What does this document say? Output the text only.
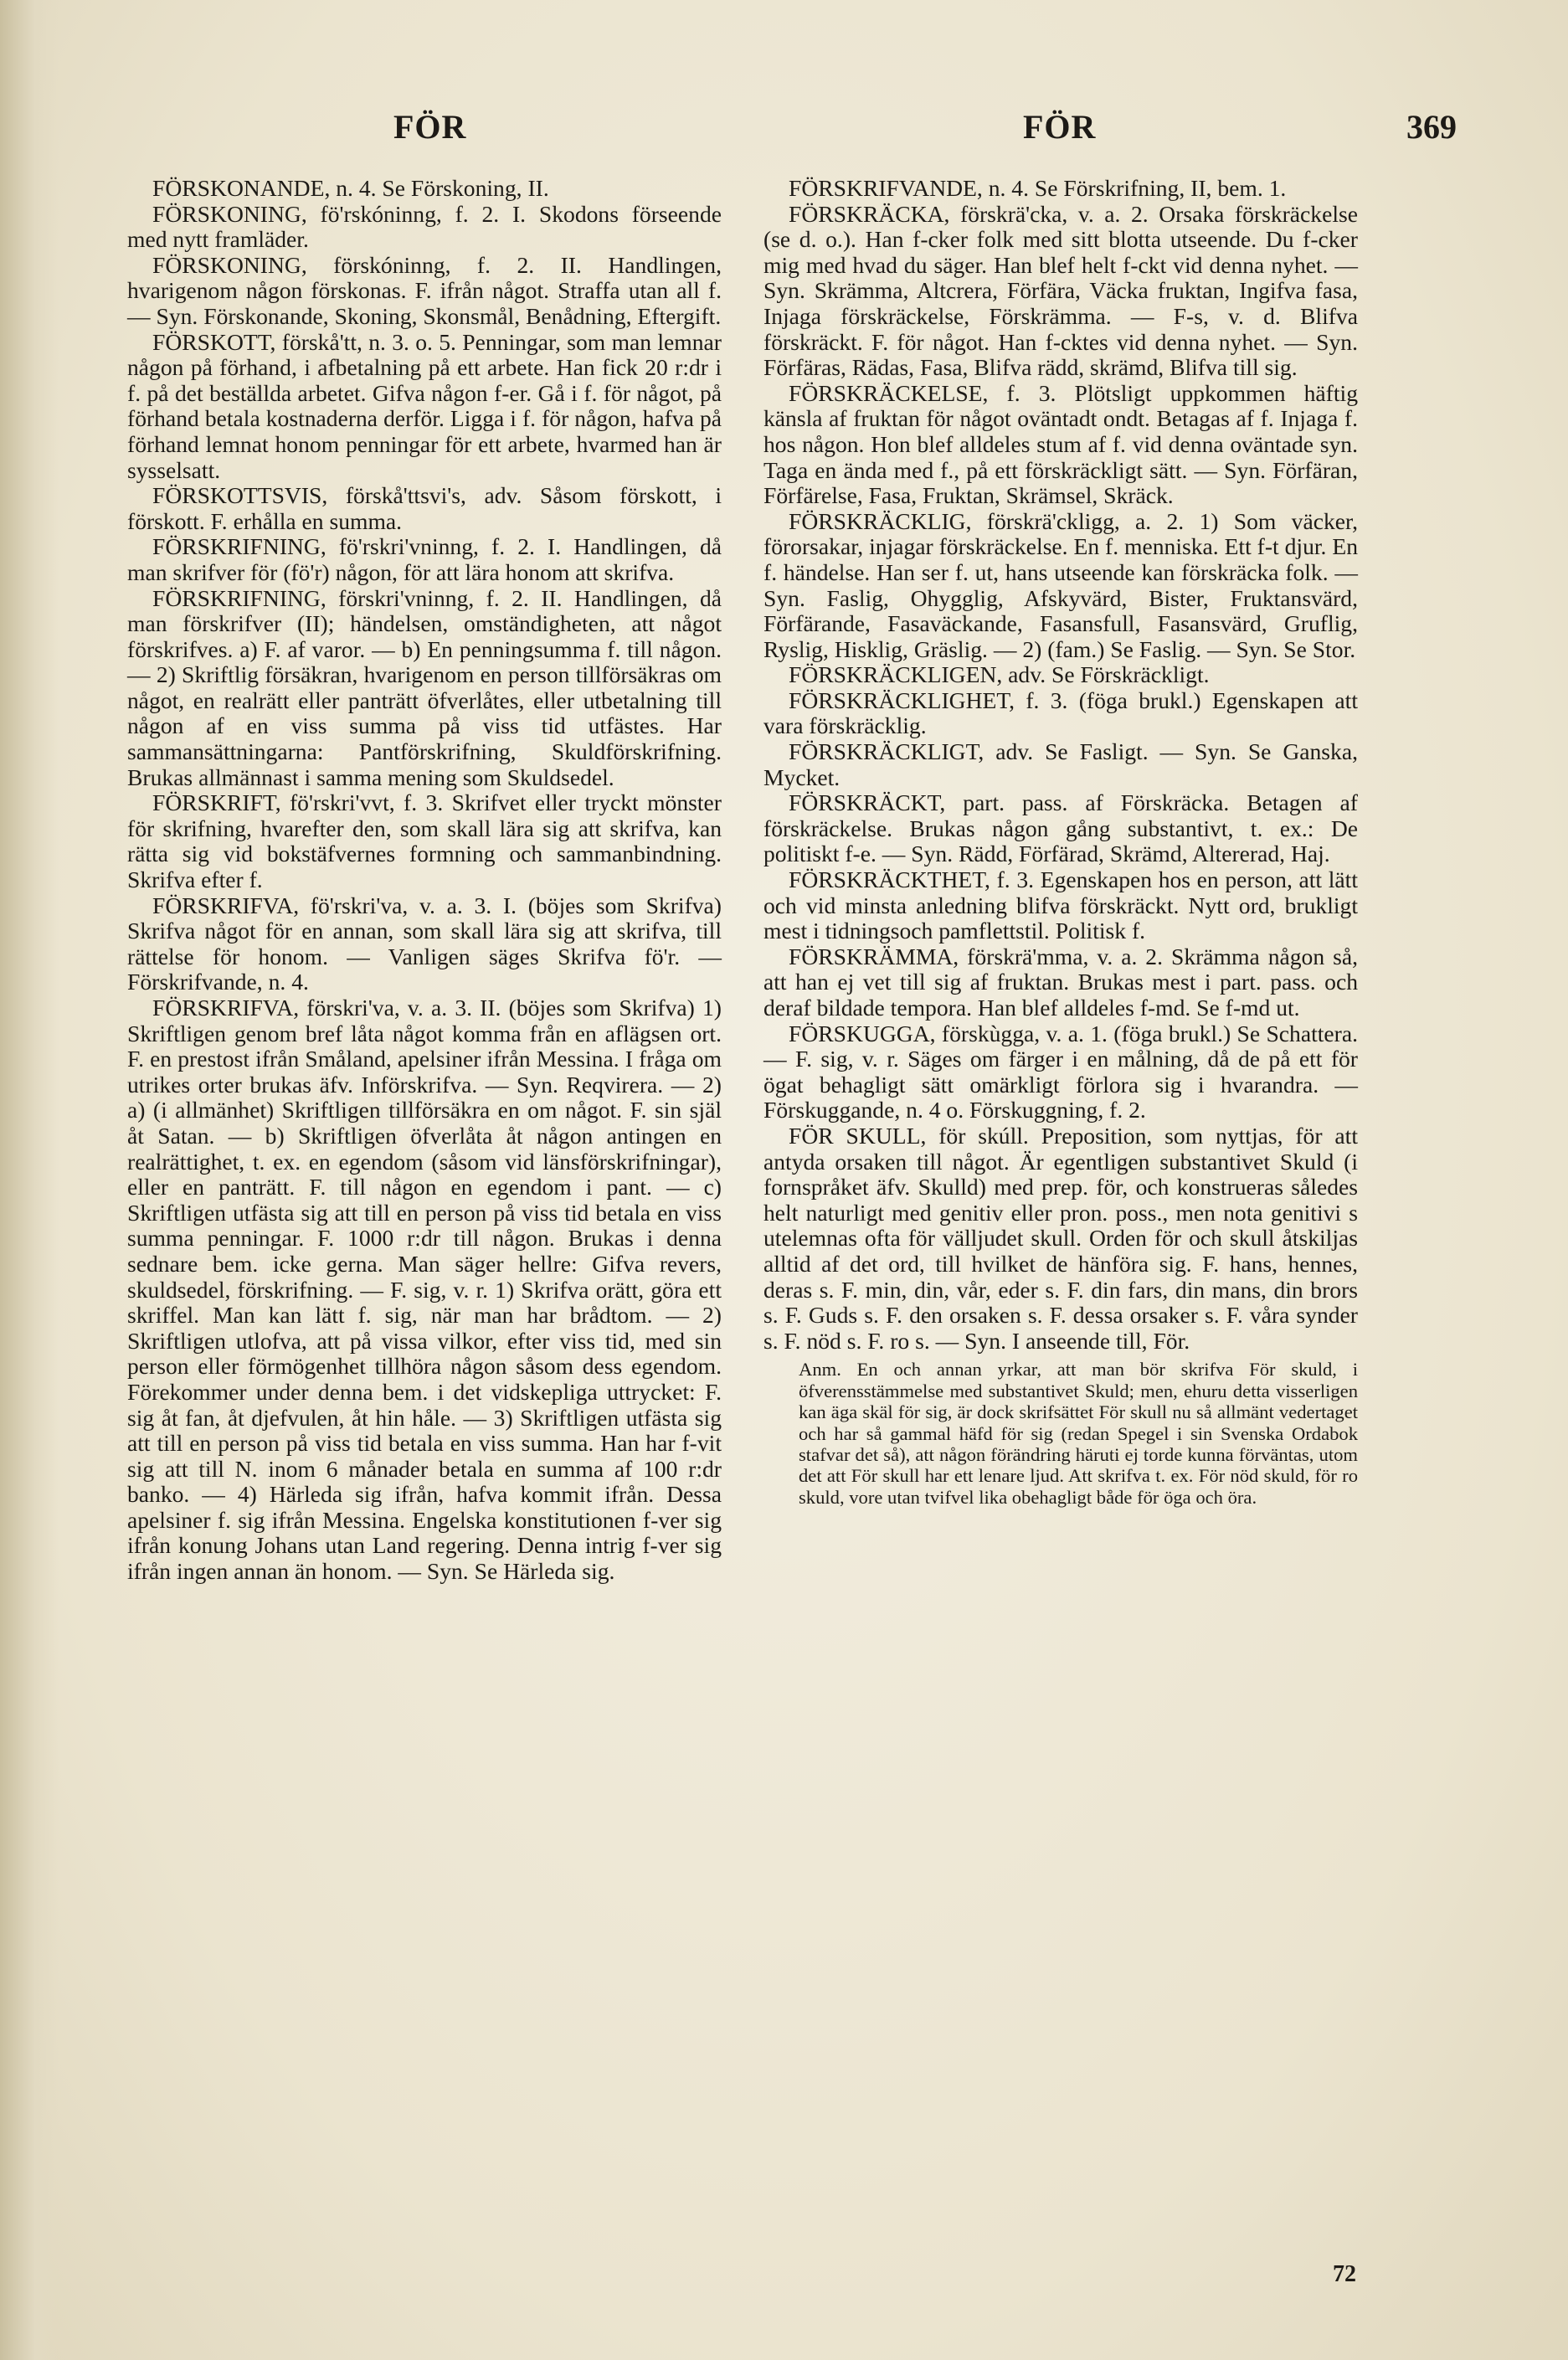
FÖR	FÖR	369

FÖRSKONANDE, n. 4. Se Förskoning, II.

FÖRSKONING, fö'rskóninng, f. 2. I. Skodons förseende med nytt framläder.

FÖRSKONING, förskóninng, f. 2. II. Handlingen, hvarigenom någon förskonas. F. ifrån något. Straffa utan all f. — Syn. Förskonande, Skoning, Skonsmål, Benådning, Eftergift.

FÖRSKOTT, förskå'tt, n. 3. o. 5. Penningar, som man lemnar någon på förhand, i afbetalning på ett arbete. Han fick 20 r:dr i f. på det beställda arbetet. Gifva någon f-er. Gå i f. för något, på förhand betala kostnaderna derför. Ligga i f. för någon, hafva på förhand lemnat honom penningar för ett arbete, hvarmed han är sysselsatt.

FÖRSKOTTSVIS, förskå'ttsvi's, adv. Såsom förskott, i förskott. F. erhålla en summa.

FÖRSKRIFNING, fö'rskri'vninng, f. 2. I. Handlingen, då man skrifver för (fö'r) någon, för att lära honom att skrifva.

FÖRSKRIFNING, förskri'vninng, f. 2. II. Handlingen, då man förskrifver (II); händelsen, omständigheten, att något förskrifves. a) F. af varor. — b) En penningsumma f. till någon. — 2) Skriftlig försäkran, hvarigenom en person tillförsäkras om något, en realrätt eller panträtt öfverlåtes, eller utbetalning till någon af en viss summa på viss tid utfästes. Har sammansättningarna: Pantförskrifning, Skuldförskrifning. Brukas allmännast i samma mening som Skuldsedel.

FÖRSKRIFT, fö'rskri'vvt, f. 3. Skrifvet eller tryckt mönster för skrifning, hvarefter den, som skall lära sig att skrifva, kan rätta sig vid bokstäfvernes formning och sammanbindning. Skrifva efter f.

FÖRSKRIFVA, fö'rskri'va, v. a. 3. I. (böjes som Skrifva) Skrifva något för en annan, som skall lära sig att skrifva, till rättelse för honom. — Vanligen säges Skrifva fö'r. — Förskrifvande, n. 4.

FÖRSKRIFVA, förskri'va, v. a. 3. II. (böjes som Skrifva) 1) Skriftligen genom bref låta något komma från en aflägsen ort. F. en prestost ifrån Småland, apelsiner ifrån Messina. I fråga om utrikes orter brukas äfv. Införskrifva. — Syn. Reqvirera. — 2) a) (i allmänhet) Skriftligen tillförsäkra en om något. F. sin själ åt Satan. — b) Skriftligen öfverlåta åt någon antingen en realrättighet, t. ex. en egendom (såsom vid länsförskrifningar), eller en panträtt. F. till någon en egendom i pant. — c) Skriftligen utfästa sig att till en person på viss tid betala en viss summa penningar. F. 1000 r:dr till någon. Brukas i denna sednare bem. icke gerna. Man säger hellre: Gifva revers, skuldsedel, förskrifning. — F. sig, v. r. 1) Skrifva orätt, göra ett skriffel. Man kan lätt f. sig, när man har brådtom. — 2) Skriftligen utlofva, att på vissa vilkor, efter viss tid, med sin person eller förmögenhet tillhöra någon såsom dess egendom. Förekommer under denna bem. i det vidskepliga uttrycket: F. sig åt fan, åt djefvulen, åt hin håle. — 3) Skriftligen utfästa sig att till en person på viss tid betala en viss summa. Han har f-vit sig att till N. inom 6 månader betala en summa af 100 r:dr banko. — 4) Härleda sig ifrån, hafva kommit ifrån. Dessa apelsiner f. sig ifrån Messina. Engelska konstitutionen f-ver sig ifrån konung Johans utan Land regering. Denna intrig f-ver sig ifrån ingen annan än honom. — Syn. Se Härleda sig.

FÖRSKRIFVANDE, n. 4. Se Förskrifning, II, bem. 1.

FÖRSKRÄCKA, förskrä'cka, v. a. 2. Orsaka förskräckelse (se d. o.). Han f-cker folk med sitt blotta utseende. Du f-cker mig med hvad du säger. Han blef helt f-ckt vid denna nyhet. — Syn. Skrämma, Altcrera, Förfära, Väcka fruktan, Ingifva fasa, Injaga förskräckelse, Förskrämma. — F-s, v. d. Blifva förskräckt. F. för något. Han f-cktes vid denna nyhet. — Syn. Förfäras, Rädas, Fasa, Blifva rädd, skrämd, Blifva till sig.

FÖRSKRÄCKELSE, f. 3. Plötsligt uppkommen häftig känsla af fruktan för något oväntadt ondt. Betagas af f. Injaga f. hos någon. Hon blef alldeles stum af f. vid denna oväntade syn. Taga en ända med f., på ett förskräckligt sätt. — Syn. Förfäran, Förfärelse, Fasa, Fruktan, Skrämsel, Skräck.

FÖRSKRÄCKLIG, förskrä'ckligg, a. 2. 1) Som väcker, förorsakar, injagar förskräckelse. En f. menniska. Ett f-t djur. En f. händelse. Han ser f. ut, hans utseende kan förskräcka folk. — Syn. Faslig, Ohygglig, Afskyvärd, Bister, Fruktansvärd, Förfärande, Fasaväckande, Fasansfull, Fasansvärd, Gruflig, Ryslig, Hisklig, Gräslig. — 2) (fam.) Se Faslig. — Syn. Se Stor.

FÖRSKRÄCKLIGEN, adv. Se Förskräckligt.

FÖRSKRÄCKLIGHET, f. 3. (föga brukl.) Egenskapen att vara förskräcklig.

FÖRSKRÄCKLIGT, adv. Se Fasligt. — Syn. Se Ganska, Mycket.

FÖRSKRÄCKT, part. pass. af Förskräcka. Betagen af förskräckelse. Brukas någon gång substantivt, t. ex.: De politiskt f-e. — Syn. Rädd, Förfärad, Skrämd, Altererad, Haj.

FÖRSKRÄCKTHET, f. 3. Egenskapen hos en person, att lätt och vid minsta anledning blifva förskräckt. Nytt ord, brukligt mest i tidningsoch pamflettstil. Politisk f.

FÖRSKRÄMMA, förskrä'mma, v. a. 2. Skrämma någon så, att han ej vet till sig af fruktan. Brukas mest i part. pass. och deraf bildade tempora. Han blef alldeles f-md. Se f-md ut.

FÖRSKUGGA, förskùgga, v. a. 1. (föga brukl.) Se Schattera. — F. sig, v. r. Säges om färger i en målning, då de på ett för ögat behagligt sätt omärkligt förlora sig i hvarandra. — Förskuggande, n. 4 o. Förskuggning, f. 2.

FÖR SKULL, för skúll. Preposition, som nyttjas, för att antyda orsaken till något. Är egentligen substantivet Skuld (i fornspråket äfv. Skulld) med prep. för, och konstrueras således helt naturligt med genitiv eller pron. poss., men nota genitivi s utelemnas ofta för välljudet skull. Orden för och skull åtskiljas alltid af det ord, till hvilket de hänföra sig. F. hans, hennes, deras s. F. min, din, vår, eder s. F. din fars, din mans, din brors s. F. Guds s. F. den orsaken s. F. dessa orsaker s. F. våra synder s. F. nöd s. F. ro s. — Syn. I anseende till, För.

Anm. En och annan yrkar, att man bör skrifva För skuld, i öfverensstämmelse med substantivet Skuld; men, ehuru detta visserligen kan äga skäl för sig, är dock skrifsättet För skull nu så allmänt vedertaget och har så gammal häfd för sig (redan Spegel i sin Svenska Ordabok stafvar det så), att någon förändring häruti ej torde kunna förväntas, utom det att För skull har ett lenare ljud. Att skrifva t. ex. För nöd skuld, för ro skuld, vore utan tvifvel lika obehagligt både för öga och öra.

72
